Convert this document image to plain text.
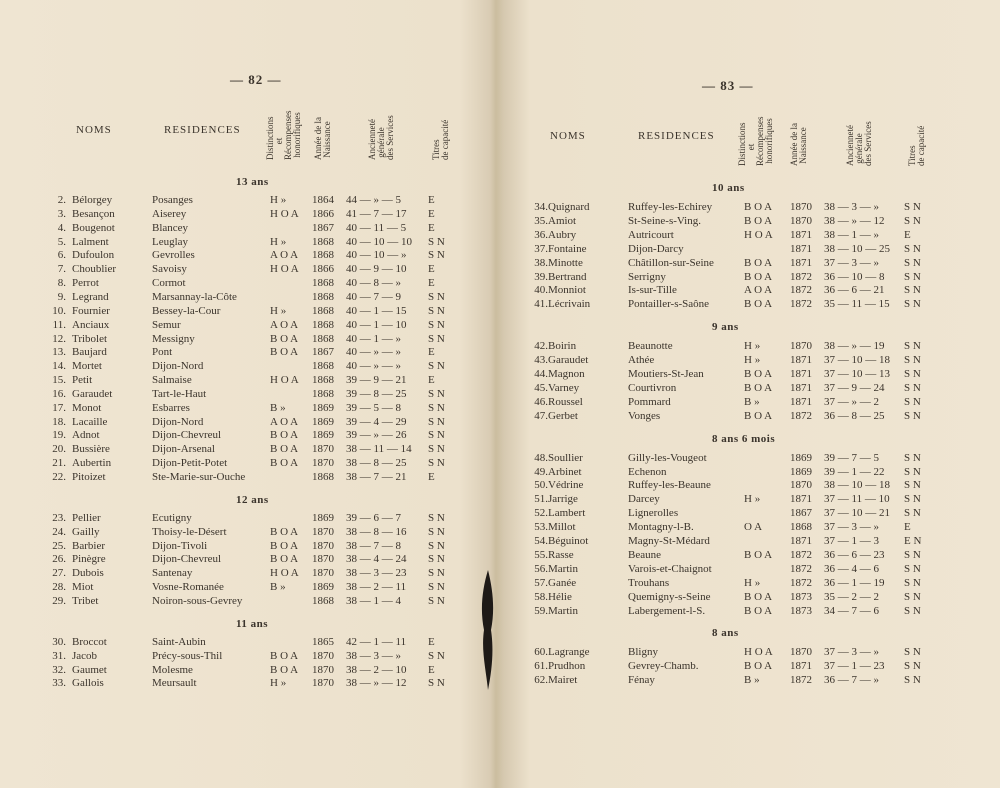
— 82 —
NOMS	RESIDENCES	Distinctions
et
Récompenses
honorifiques Année de la
Naissance	Ancienneté
générale
des Services
Titres
de capacité
13 ans
2. Bélorgey	Posanges	H » 1864 44 — » — 5 E
3. Besançon	Aiserey	H O A 1866 41 — 7 — 17 E
4. Bougenot	Blancey	1867 40 — 11 — 5 E
5. Lalment	Leuglay	H » 1868 40 — 10 — 10 S N
6. Dufoulon	Gevrolles	A O A 1868 40 — 10 — » S N
7. Choublier	Savoisy	H O A 1866 40 — 9 — 10 E
8. Perrot	Cormot	1868 40 — 8 — » E
9. Legrand	Marsannay-la-Côte	1868 40 — 7 — 9 S N
10. Fournier	Bessey-la-Cour	H » 1868 40 — 1 — 15 S N
11. Anciaux	Semur	A O A 1868 40 — 1 — 10 S N
12. Tribolet	Messigny	B O A 1868 40 — 1 — » S N
13. Baujard	Pont	B O A 1867 40 — » — » E
14. Mortet	Dijon-Nord	1868 40 — » — » S N
15. Petit	Salmaise	H O A 1868 39 — 9 — 21 E
16. Garaudet	Tart-le-Haut	1868 39 — 8 — 25 S N
17. Monot	Esbarres	B » 1869 39 — 5 — 8 S N
18. Lacaille	Dijon-Nord	A O A 1869 39 — 4 — 29 S N
19. Adnot	Dijon-Chevreul	B O A 1869 39 — » — 26 S N
20. Bussière	Dijon-Arsenal	B O A 1870 38 — 11 — 14 S N
21. Aubertin	Dijon-Petit-Potet	B O A 1870 38 — 8 — 25 S N
22. Pitoizet	Ste-Marie-sur-Ouche	1868 38 — 7 — 21 E
12 ans
23. Pellier	Ecutigny	1869 39 — 6 — 7 S N
24. Gailly	Thoisy-le-Désert	B O A 1870 38 — 8 — 16 S N
25. Barbier	Dijon-Tivoli	B O A 1870 38 — 7 — 8 S N
26. Pinègre	Dijon-Chevreul	B O A 1870 38 — 4 — 24 S N
27. Dubois	Santenay	H O A 1870 38 — 3 — 23 S N
28. Miot	Vosne-Romanée	B » 1869 38 — 2 — 11 S N
29. Tribet	Noiron-sous-Gevrey	1868 38 — 1 — 4 S N
11 ans
30. Broccot	Saint-Aubin	1865 42 — 1 — 11 E
31. Jacob	Précy-sous-Thil	B O A 1870 38 — 3 — » S N
32. Gaumet	Molesme	B O A 1870 38 — 2 — 10 E
33. Gallois	Meursault	H » 1870 38 — » — 12 S N
— 83 —
NOMS	RESIDENCES Distinctions
et
Récompenses
honorifiques Année de la
Naissance	Ancienneté
générale
des Services
Titres
de capacité
10 ans
34. Quignard	Ruffey-les-Echirey	B O A 1870 38 — 3 — » S N
35. Amiot	St-Seine-s-Ving.	B O A 1870 38 — » — 12 S N
36. Aubry	Autricourt	H O A 1871 38 — 1 — » E
37. Fontaine	Dijon-Darcy	1871 38 — 10 — 25 S N
38. Minotte	Châtillon-sur-Seine	B O A 1871 37 — 3 — » S N
39. Bertrand	Serrigny	B O A 1872 36 — 10 — 8 S N
40. Monniot	Is-sur-Tille	A O A 1872 36 — 6 — 21 S N
41. Lécrivain	Pontailler-s-Saône	B O A 1872 35 — 11 — 15 S N
9 ans
42. Boirin	Beaunotte	H »	1870 38 — » — 19 S N
43. Garaudet	Athée	H »	1871 37 — 10 — 18 S N
44. Magnon	Moutiers-St-Jean	B O A 1871 37 — 10 — 13 S N
45. Varney	Courtivron	B O A 1871 37 — 9 — 24 S N
46. Roussel	Pommard	B »	1871 37 — » — 2 S N
47. Gerbet	Vonges	B O A 1872 36 — 8 — 25 S N
8 ans 6 mois
48. Soullier	Gilly-les-Vougeot	1869 39 — 7 — 5 S N
49. Arbinet	Echenon	1869 39 — 1 — 22 S N
50. Védrine	Ruffey-les-Beaune	1870 38 — 10 — 18 S N
51. Jarrige	Darcey	H »	1871 37 — 11 — 10 S N
52. Lambert	Lignerolles	1867 37 — 10 — 21 S N
53. Millot	Montagny-l-B.	O A	1868 37 — 3 — » E
54. Béguinot	Magny-St-Médard	1871 37 — 1 — 3 E N
55. Rasse	Beaune	B O A 1872 36 — 6 — 23 S N
56. Martin	Varois-et-Chaignot	1872 36 — 4 — 6 S N
57. Ganée	Trouhans	H »	1872 36 — 1 — 19 S N
58. Hélie	Quemigny-s-Seine	B O A 1873 35 — 2 — 2 S N
59. Martin	Labergement-l-S.	B O A 1873 34 — 7 — 6 S N
8 ans
60. Lagrange	Bligny	H O A 1870 37 — 3 — » S N
61. Prudhon	Gevrey-Chamb.	B O A 1871 37 — 1 — 23 S N
62. Mairet	Fénay	B »	1872 36 — 7 — » S N
